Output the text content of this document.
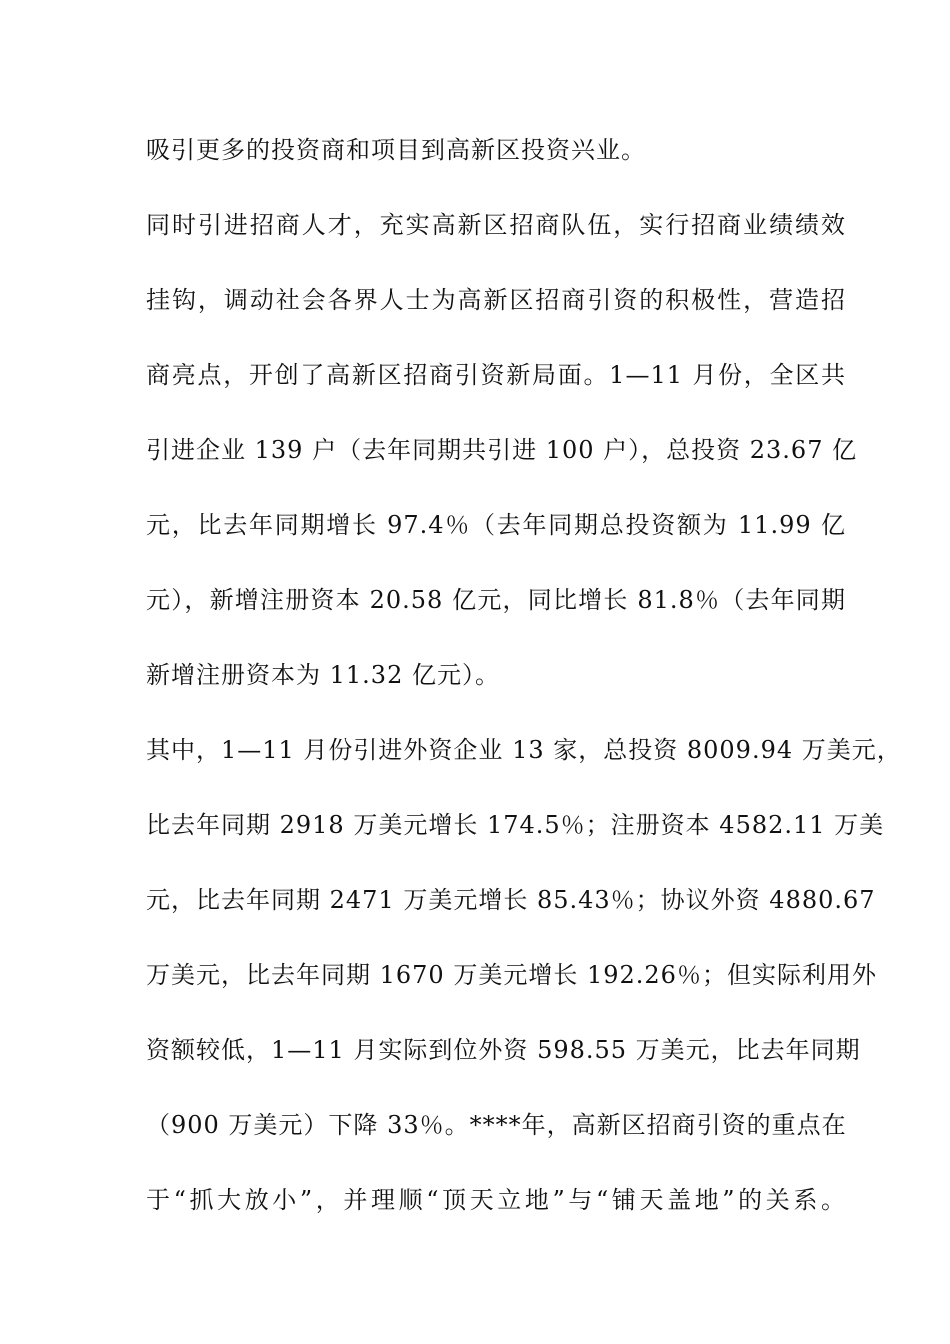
吸引更多的投资商和项目到高新区投资兴业。
同时引进招商人才，充实高新区招商队伍，实行招商业绩绩效
挂钩，调动社会各界人士为高新区招商引资的积极性，营造招
商亮点，开创了高新区招商引资新局面。1—11 月份，全区共
引进企业 139 户（去年同期共引进 100 户），总投资 23.67 亿
元，比去年同期增长 97.4％（去年同期总投资额为 11.99 亿
元），新增注册资本 20.58 亿元，同比增长 81.8％（去年同期
新增注册资本为 11.32 亿元）。
其中，1—11 月份引进外资企业 13 家，总投资 8009.94 万美元，
比去年同期 2918 万美元增长 174.5％；注册资本 4582.11 万美
元，比去年同期 2471 万美元增长 85.43％；协议外资 4880.67
万美元，比去年同期 1670 万美元增长 192.26％；但实际利用外
资额较低，1—11 月实际到位外资 598.55 万美元，比去年同期
（900 万美元）下降 33％。****年，高新区招商引资的重点在
于“抓大放小”，并理顺“顶天立地”与“铺天盖地”的关系。
